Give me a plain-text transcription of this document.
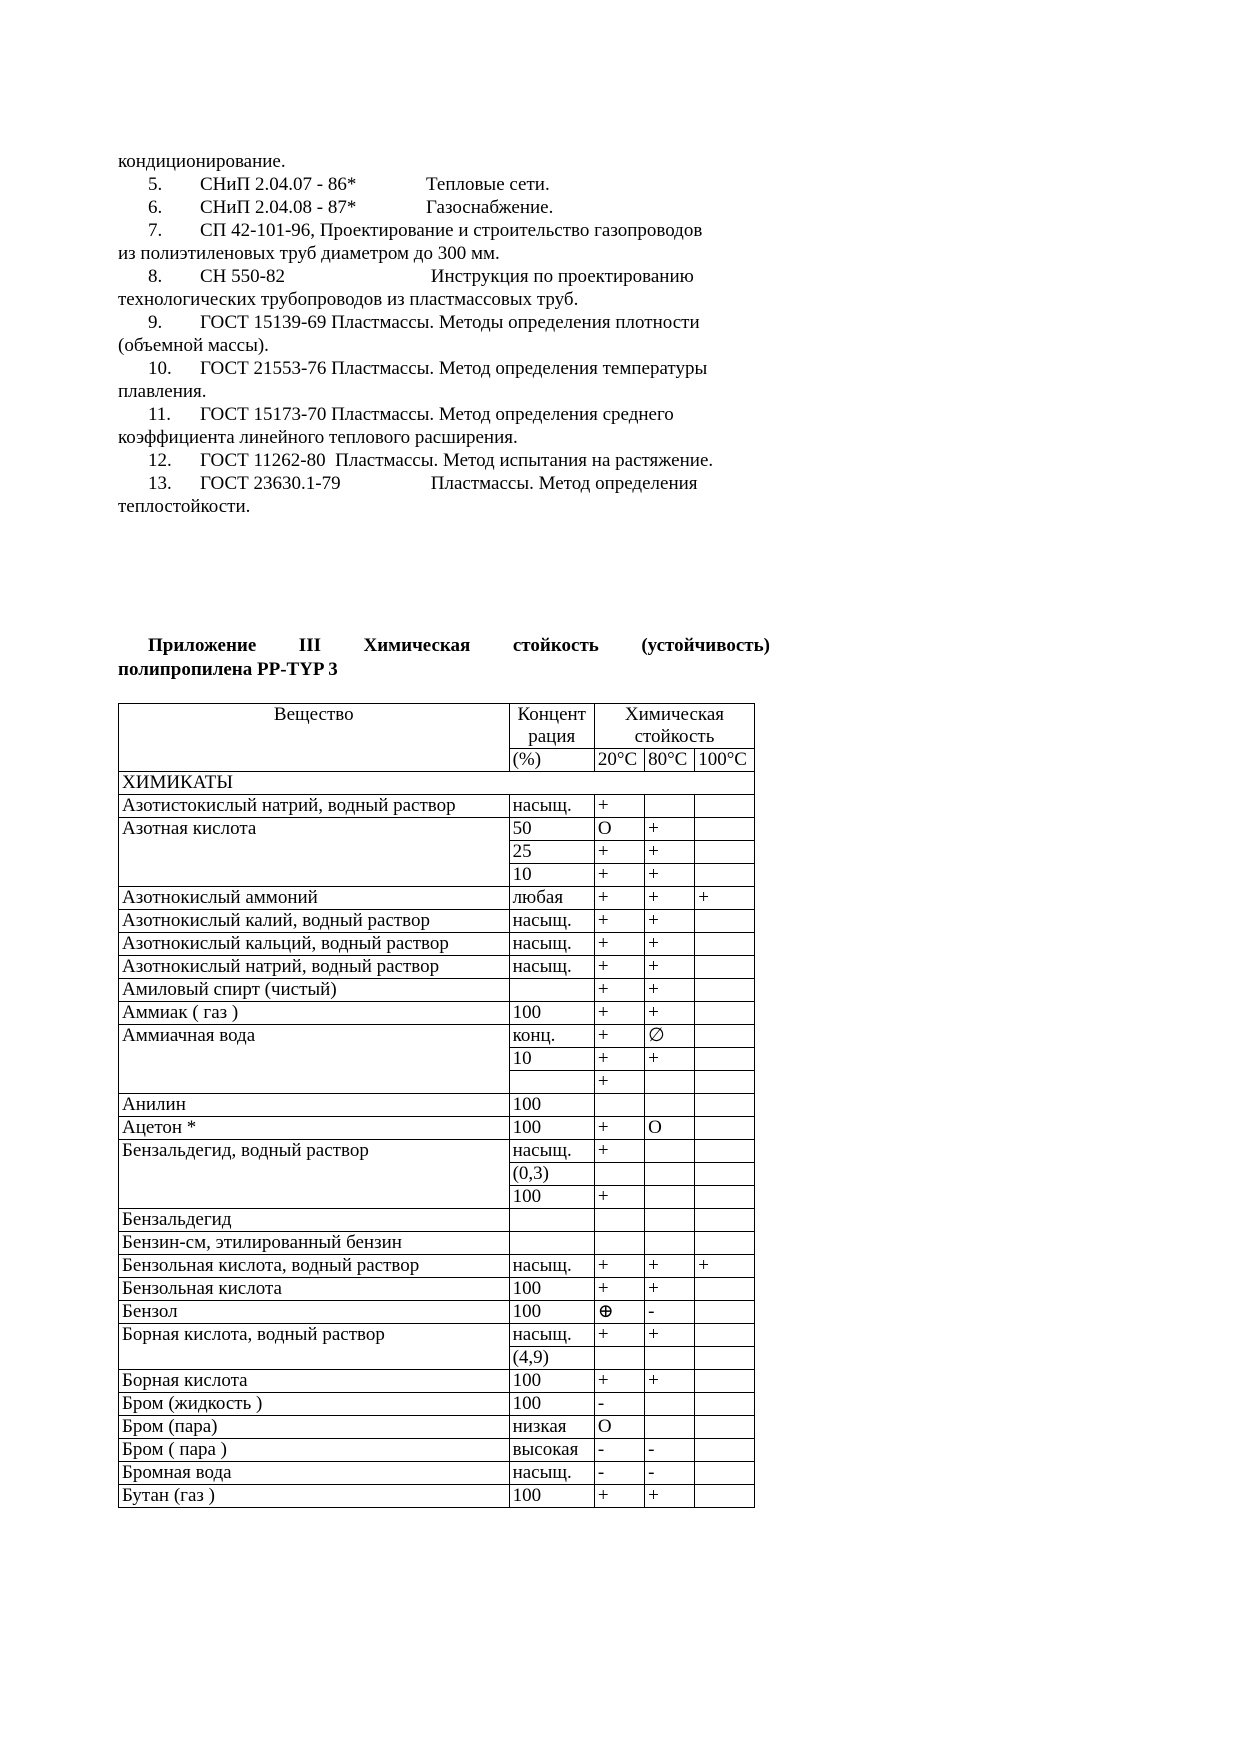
кондиционирование.

5. СНиП 2.04.07 - 86*	Тепловые сети.

6. СНиП 2.04.08 - 87*	Газоснабжение.

7. СП 42-101-96, Проектирование и строительство газопроводов

из полиэтиленовых труб диаметром до 300 мм.

8. СН 550-82	Инструкция по проектированию

технологических трубопроводов из пластмассовых труб.

9. ГОСТ 15139-69 Пластмассы. Методы определения плотности

(объемной массы).

10. ГОСТ 21553-76 Пластмассы. Метод определения температуры

плавления.

11. ГОСТ 15173-70 Пластмассы. Метод определения среднего

коэффициента линейного теплового расширения.

12. ГОСТ 11262-80 Пластмассы. Метод испытания на растяжение.

13. ГОСТ 23630.1-79	Пластмассы. Метод определения

теплостойкости.

Приложение III Химическая стойкость (устойчивость)
полипропилена PP-TYP 3
Вещество	Концент рация	Химическая стойкость		
	(%)	20°С	80°С	100°С
ХИМИКАТЫ				
Азотистокислый натрий, водный раствор	насыщ.	+		
Азотная кислота	50	O	+	
	25	+	+	
	10	+	+	
Азотнокислый аммоний	любая	+	+	+
Азотнокислый калий, водный раствор	насыщ.	+	+	
Азотнокислый кальций, водный раствор	насыщ.	+	+	
Азотнокислый натрий, водный раствор	насыщ.	+	+	
Амиловый спирт (чистый)		+	+	
Аммиак ( газ )	100	+	+	
Аммиачная вода	конц.	+	∅	
	10	+	+	
		+		
Анилин	100			
Ацетон *	100	+	O	
Бензальдегид, водный раствор	насыщ.	+		
	(0,3)			
	100	+		
Бензальдегид				
Бензин-см, этилированный бензин				
Бензольная кислота, водный раствор	насыщ.	+	+	+
Бензольная кислота	100	+	+	
Бензол	100	⊕	-	
Борная кислота, водный раствор	насыщ.	+	+	
	(4,9)			
Борная кислота	100	+	+	
Бром (жидкость )	100	-		
Бром (пара)	низкая	O		
Бром ( пара )	высокая	-	-	
Бромная вода	насыщ.	-	-	
Бутан (газ )	100	+	+	
